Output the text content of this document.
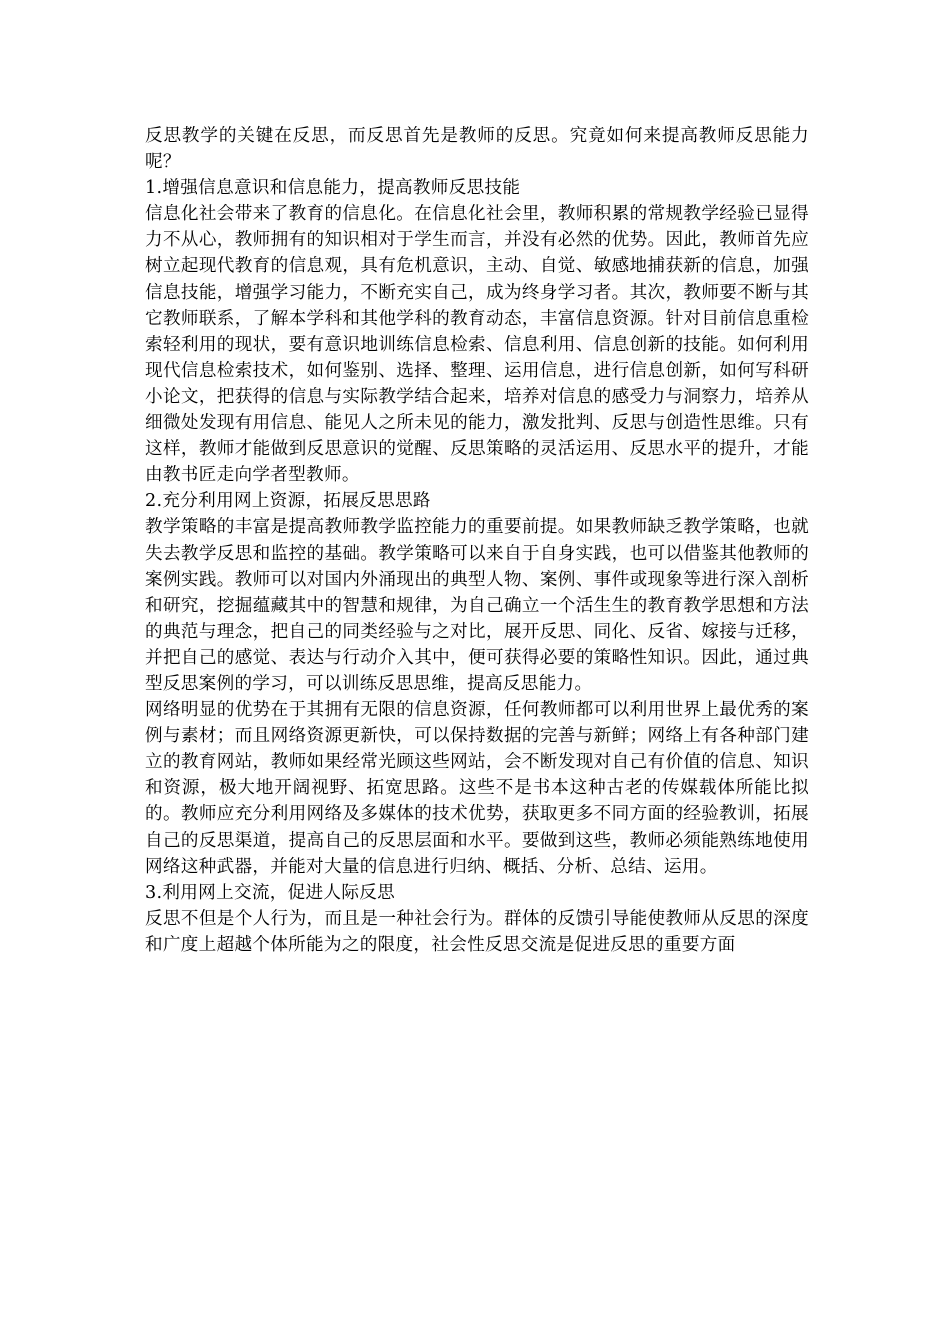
反思教学的关键在反思，而反思首先是教师的反思。究竟如何来提高教师反思能力呢？

1.增强信息意识和信息能力，提高教师反思技能

信息化社会带来了教育的信息化。在信息化社会里，教师积累的常规教学经验已显得力不从心，教师拥有的知识相对于学生而言，并没有必然的优势。因此，教师首先应树立起现代教育的信息观，具有危机意识，主动、自觉、敏感地捕获新的信息，加强信息技能，增强学习能力，不断充实自己，成为终身学习者。其次，教师要不断与其它教师联系，了解本学科和其他学科的教育动态，丰富信息资源。针对目前信息重检索轻利用的现状，要有意识地训练信息检索、信息利用、信息创新的技能。如何利用现代信息检索技术，如何鉴别、选择、整理、运用信息，进行信息创新，如何写科研小论文，把获得的信息与实际教学结合起来，培养对信息的感受力与洞察力，培养从细微处发现有用信息、能见人之所未见的能力，激发批判、反思与创造性思维。只有这样，教师才能做到反思意识的觉醒、反思策略的灵活运用、反思水平的提升，才能由教书匠走向学者型教师。

2.充分利用网上资源，拓展反思思路

教学策略的丰富是提高教师教学监控能力的重要前提。如果教师缺乏教学策略，也就失去教学反思和监控的基础。教学策略可以来自于自身实践，也可以借鉴其他教师的案例实践。教师可以对国内外涌现出的典型人物、案例、事件或现象等进行深入剖析和研究，挖掘蕴藏其中的智慧和规律，为自己确立一个活生生的教育教学思想和方法的典范与理念，把自己的同类经验与之对比，展开反思、同化、反省、嫁接与迁移，并把自己的感觉、表达与行动介入其中，便可获得必要的策略性知识。因此，通过典型反思案例的学习，可以训练反思思维，提高反思能力。

网络明显的优势在于其拥有无限的信息资源，任何教师都可以利用世界上最优秀的案例与素材；而且网络资源更新快，可以保持数据的完善与新鲜；网络上有各种部门建立的教育网站，教师如果经常光顾这些网站，会不断发现对自己有价值的信息、知识和资源，极大地开阔视野、拓宽思路。这些不是书本这种古老的传媒载体所能比拟的。教师应充分利用网络及多媒体的技术优势，获取更多不同方面的经验教训，拓展自己的反思渠道，提高自己的反思层面和水平。要做到这些，教师必须能熟练地使用网络这种武器，并能对大量的信息进行归纳、概括、分析、总结、运用。

3.利用网上交流，促进人际反思

反思不但是个人行为，而且是一种社会行为。群体的反馈引导能使教师从反思的深度和广度上超越个体所能为之的限度，社会性反思交流是促进反思的重要方面
